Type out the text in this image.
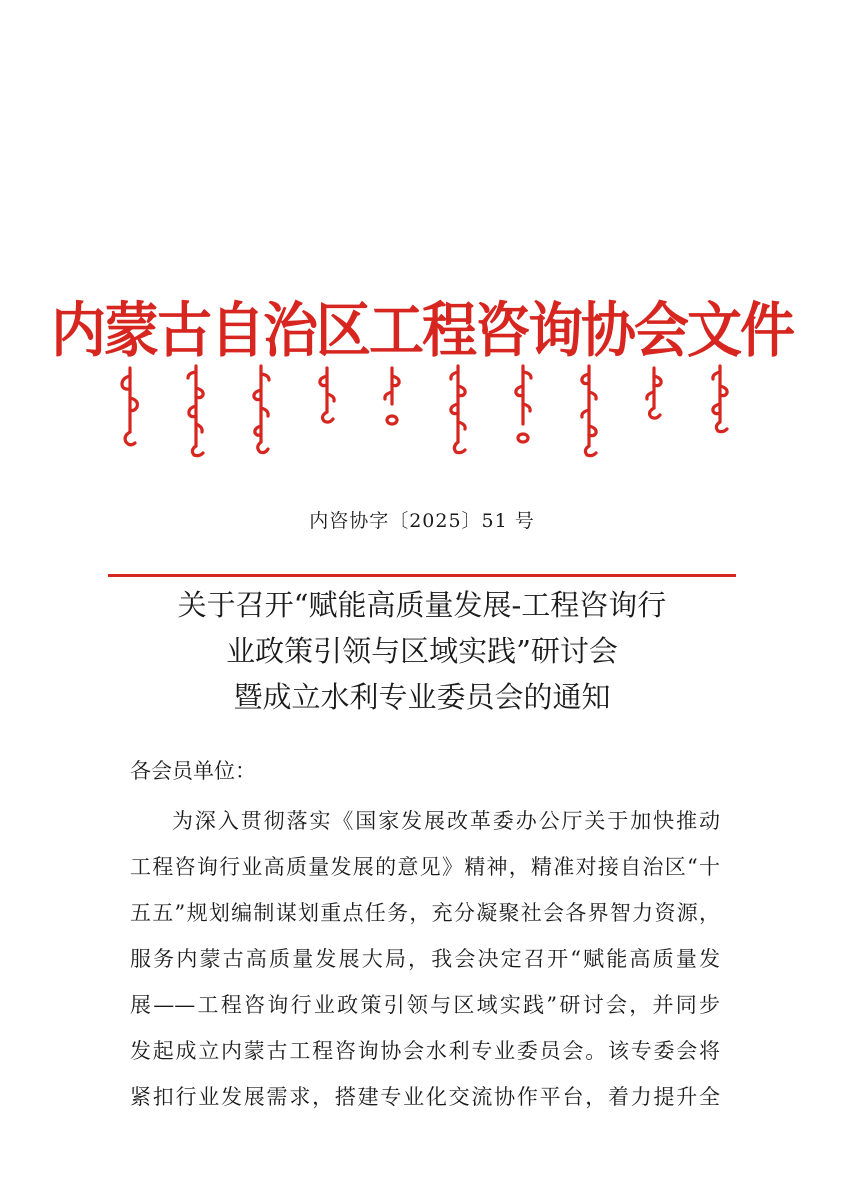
内蒙古自治区工程咨询协会文件
内咨协字〔2025〕51 号
关于召开“赋能高质量发展-工程咨询行
业政策引领与区域实践”研讨会
暨成立水利专业委员会的通知
各会员单位：
为深入贯彻落实《国家发展改革委办公厅关于加快推动
工程咨询行业高质量发展的意见》精神，精准对接自治区“十
五五”规划编制谋划重点任务，充分凝聚社会各界智力资源，
服务内蒙古高质量发展大局，我会决定召开“赋能高质量发
展——工程咨询行业政策引领与区域实践”研讨会，并同步
发起成立内蒙古工程咨询协会水利专业委员会。该专委会将
紧扣行业发展需求，搭建专业化交流协作平台，着力提升全
